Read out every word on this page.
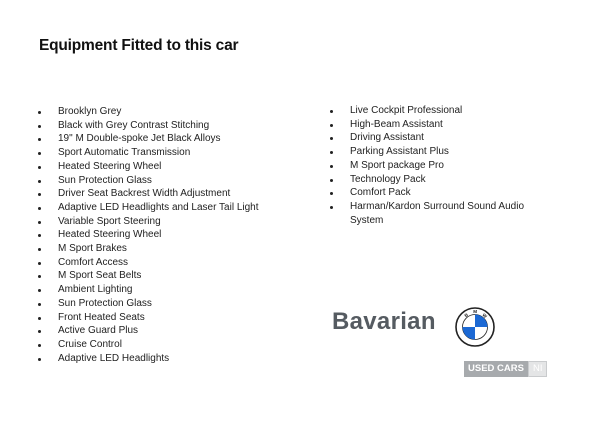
Equipment Fitted to this car
Brooklyn Grey
Black with Grey Contrast Stitching
19" M Double-spoke Jet Black Alloys
Sport Automatic Transmission
Heated Steering Wheel
Sun Protection Glass
Driver Seat Backrest Width Adjustment
Adaptive LED Headlights and Laser Tail Light
Variable Sport Steering
Heated Steering Wheel
M Sport Brakes
Comfort Access
M Sport Seat Belts
Ambient Lighting
Sun Protection Glass
Front Heated Seats
Active Guard Plus
Cruise Control
Adaptive LED Headlights
Live Cockpit Professional
High-Beam Assistant
Driving Assistant
Parking Assistant Plus
M Sport package Pro
Technology Pack
Comfort Pack
Harman/Kardon Surround Sound Audio System
Bavarian	B
M
W
USED CARS NI
